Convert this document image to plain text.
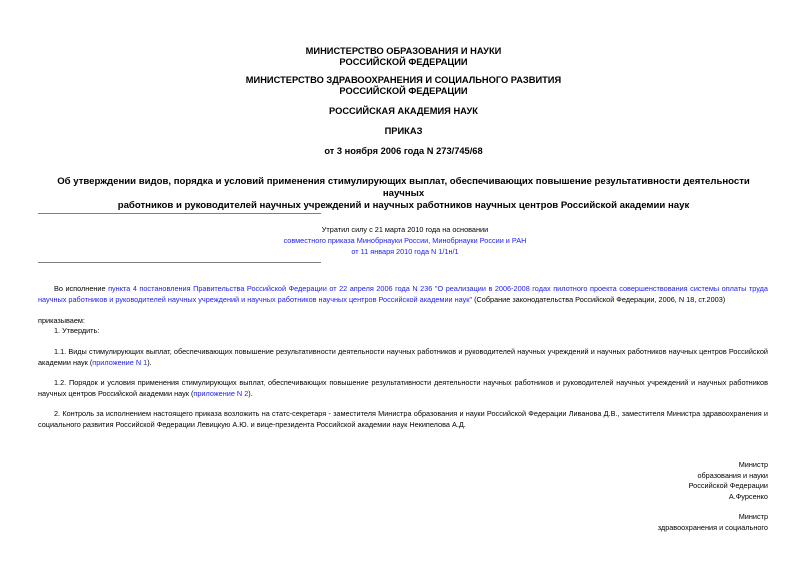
МИНИСТЕРСТВО ОБРАЗОВАНИЯ И НАУКИ
РОССИЙСКОЙ ФЕДЕРАЦИИ
МИНИСТЕРСТВО ЗДРАВООХРАНЕНИЯ И СОЦИАЛЬНОГО РАЗВИТИЯ
РОССИЙСКОЙ ФЕДЕРАЦИИ
РОССИЙСКАЯ АКАДЕМИЯ НАУК
ПРИКАЗ
от 3 ноября 2006 года N 273/745/68
Об утверждении видов, порядка и условий применения стимулирующих выплат, обеспечивающих повышение результативности деятельности научных
работников и руководителей научных учреждений и научных работников научных центров Российской академии наук
Утратил силу с 21 марта 2010 года на основании
совместного приказа Минобрнауки России, Минобрнауки России и РАН
от 11 января 2010 года N 1/1н/1
Во исполнение пункта 4 постановления Правительства Российской Федерации от 22 апреля 2006 года N 236 "О реализации в 2006-2008 годах пилотного проекта совершенствования системы оплаты труда научных работников и руководителей научных учреждений и научных работников научных центров Российской академии наук" (Собрание законодательства Российской Федерации, 2006, N 18, ст.2003)
приказываем:
1. Утвердить:
1.1. Виды стимулирующих выплат, обеспечивающих повышение результативности деятельности научных работников и руководителей научных учреждений и научных работников научных центров Российской академии наук (приложение N 1).
1.2. Порядок и условия применения стимулирующих выплат, обеспечивающих повышение результативности деятельности научных работников и руководителей научных учреждений и научных работников научных центров Российской академии наук (приложение N 2).
2. Контроль за исполнением настоящего приказа возложить на статс-секретаря - заместителя Министра образования и науки Российской Федерации Ливанова Д.В., заместителя Министра здравоохранения и социального развития Российской Федерации Левицкую А.Ю. и вице-президента Российской академии наук Некипелова А.Д.
Министр
образования и науки
Российской Федерации
А.Фурсенко
Министр
здравоохранения и социального
